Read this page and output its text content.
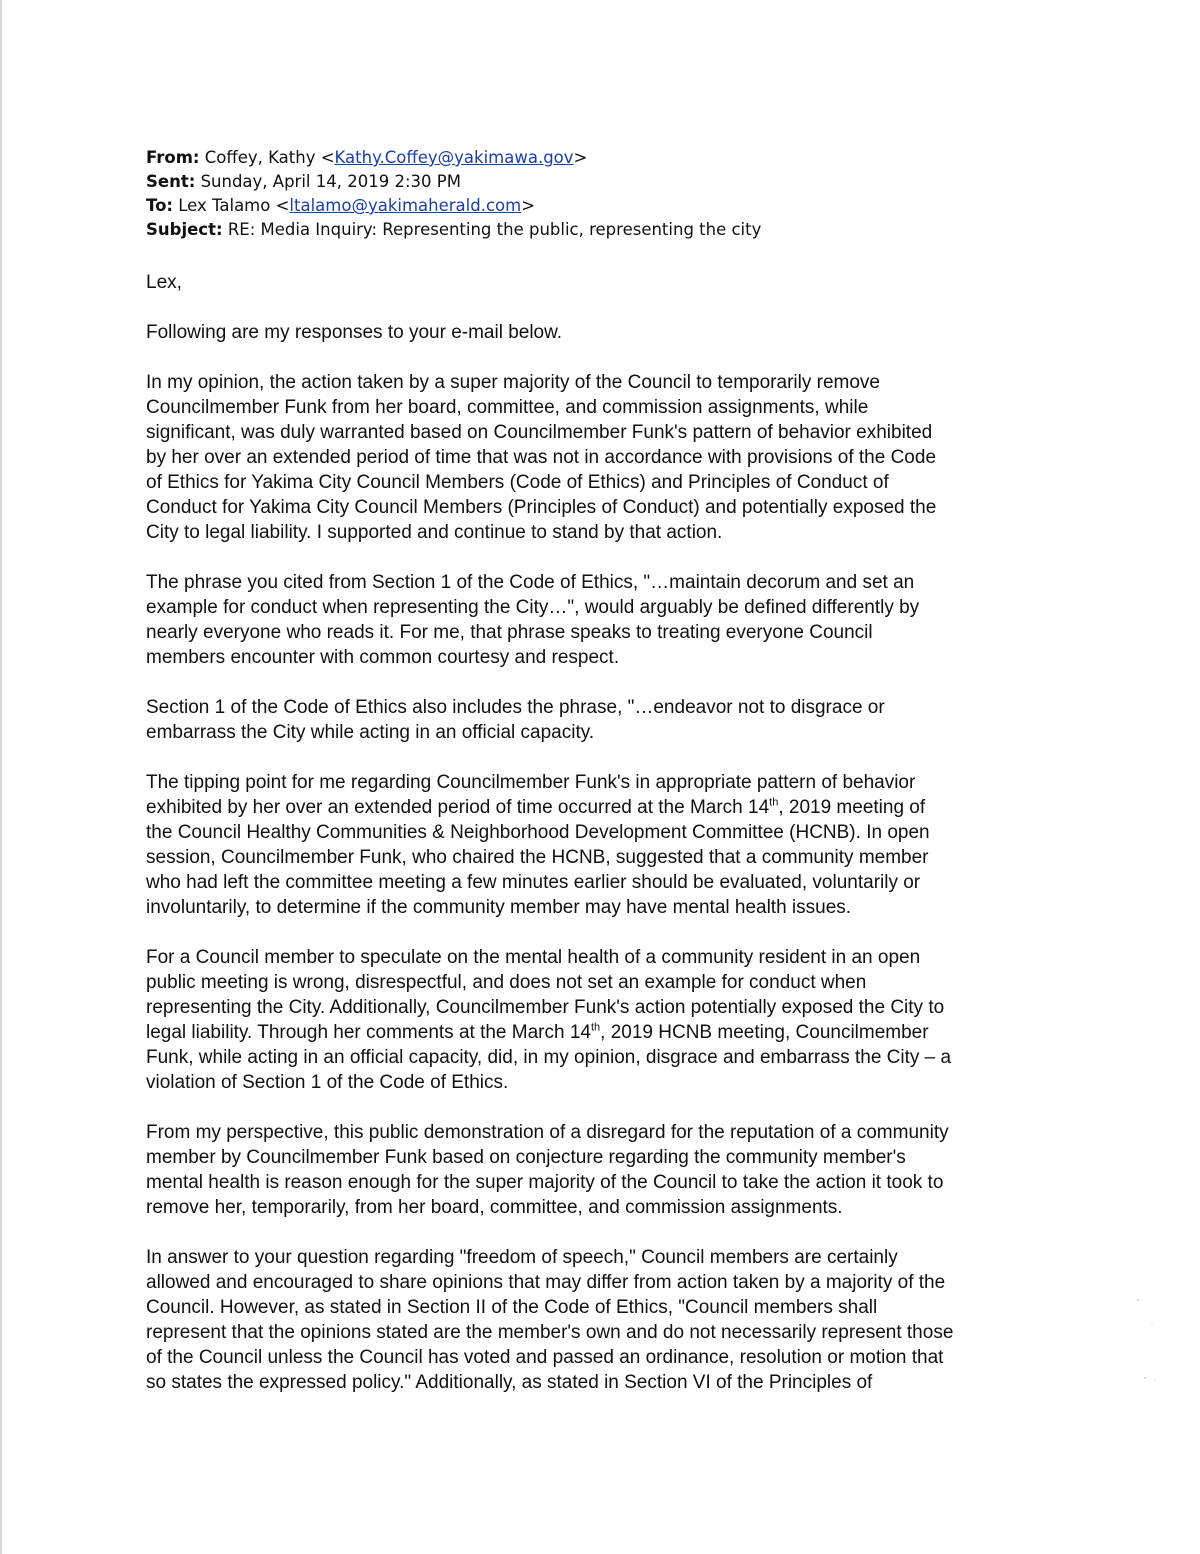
From: Coffey, Kathy <Kathy.Coffey@yakimawa.gov>
Sent: Sunday, April 14, 2019 2:30 PM
To: Lex Talamo <ltalamo@yakimaherald.com>
Subject: RE: Media Inquiry: Representing the public, representing the city

Lex,

Following are my responses to your e-mail below.

In my opinion, the action taken by a super majority of the Council to temporarily remove
Councilmember Funk from her board, committee, and commission assignments, while
significant, was duly warranted based on Councilmember Funk's pattern of behavior exhibited
by her over an extended period of time that was not in accordance with provisions of the Code
of Ethics for Yakima City Council Members (Code of Ethics) and Principles of Conduct of
Conduct for Yakima City Council Members (Principles of Conduct) and potentially exposed the
City to legal liability. I supported and continue to stand by that action.

The phrase you cited from Section 1 of the Code of Ethics, "…maintain decorum and set an
example for conduct when representing the City…", would arguably be defined differently by
nearly everyone who reads it. For me, that phrase speaks to treating everyone Council
members encounter with common courtesy and respect.

Section 1 of the Code of Ethics also includes the phrase, "…endeavor not to disgrace or
embarrass the City while acting in an official capacity.

The tipping point for me regarding Councilmember Funk's in appropriate pattern of behavior
exhibited by her over an extended period of time occurred at the March 14th, 2019 meeting of
the Council Healthy Communities & Neighborhood Development Committee (HCNB). In open
session, Councilmember Funk, who chaired the HCNB, suggested that a community member
who had left the committee meeting a few minutes earlier should be evaluated, voluntarily or
involuntarily, to determine if the community member may have mental health issues.

For a Council member to speculate on the mental health of a community resident in an open
public meeting is wrong, disrespectful, and does not set an example for conduct when
representing the City. Additionally, Councilmember Funk's action potentially exposed the City to
legal liability. Through her comments at the March 14th, 2019 HCNB meeting, Councilmember
Funk, while acting in an official capacity, did, in my opinion, disgrace and embarrass the City – a
violation of Section 1 of the Code of Ethics.

From my perspective, this public demonstration of a disregard for the reputation of a community
member by Councilmember Funk based on conjecture regarding the community member's
mental health is reason enough for the super majority of the Council to take the action it took to
remove her, temporarily, from her board, committee, and commission assignments.

In answer to your question regarding "freedom of speech," Council members are certainly
allowed and encouraged to share opinions that may differ from action taken by a majority of the
Council. However, as stated in Section II of the Code of Ethics, "Council members shall
represent that the opinions stated are the member's own and do not necessarily represent those
of the Council unless the Council has voted and passed an ordinance, resolution or motion that
so states the expressed policy." Additionally, as stated in Section VI of the Principles of
